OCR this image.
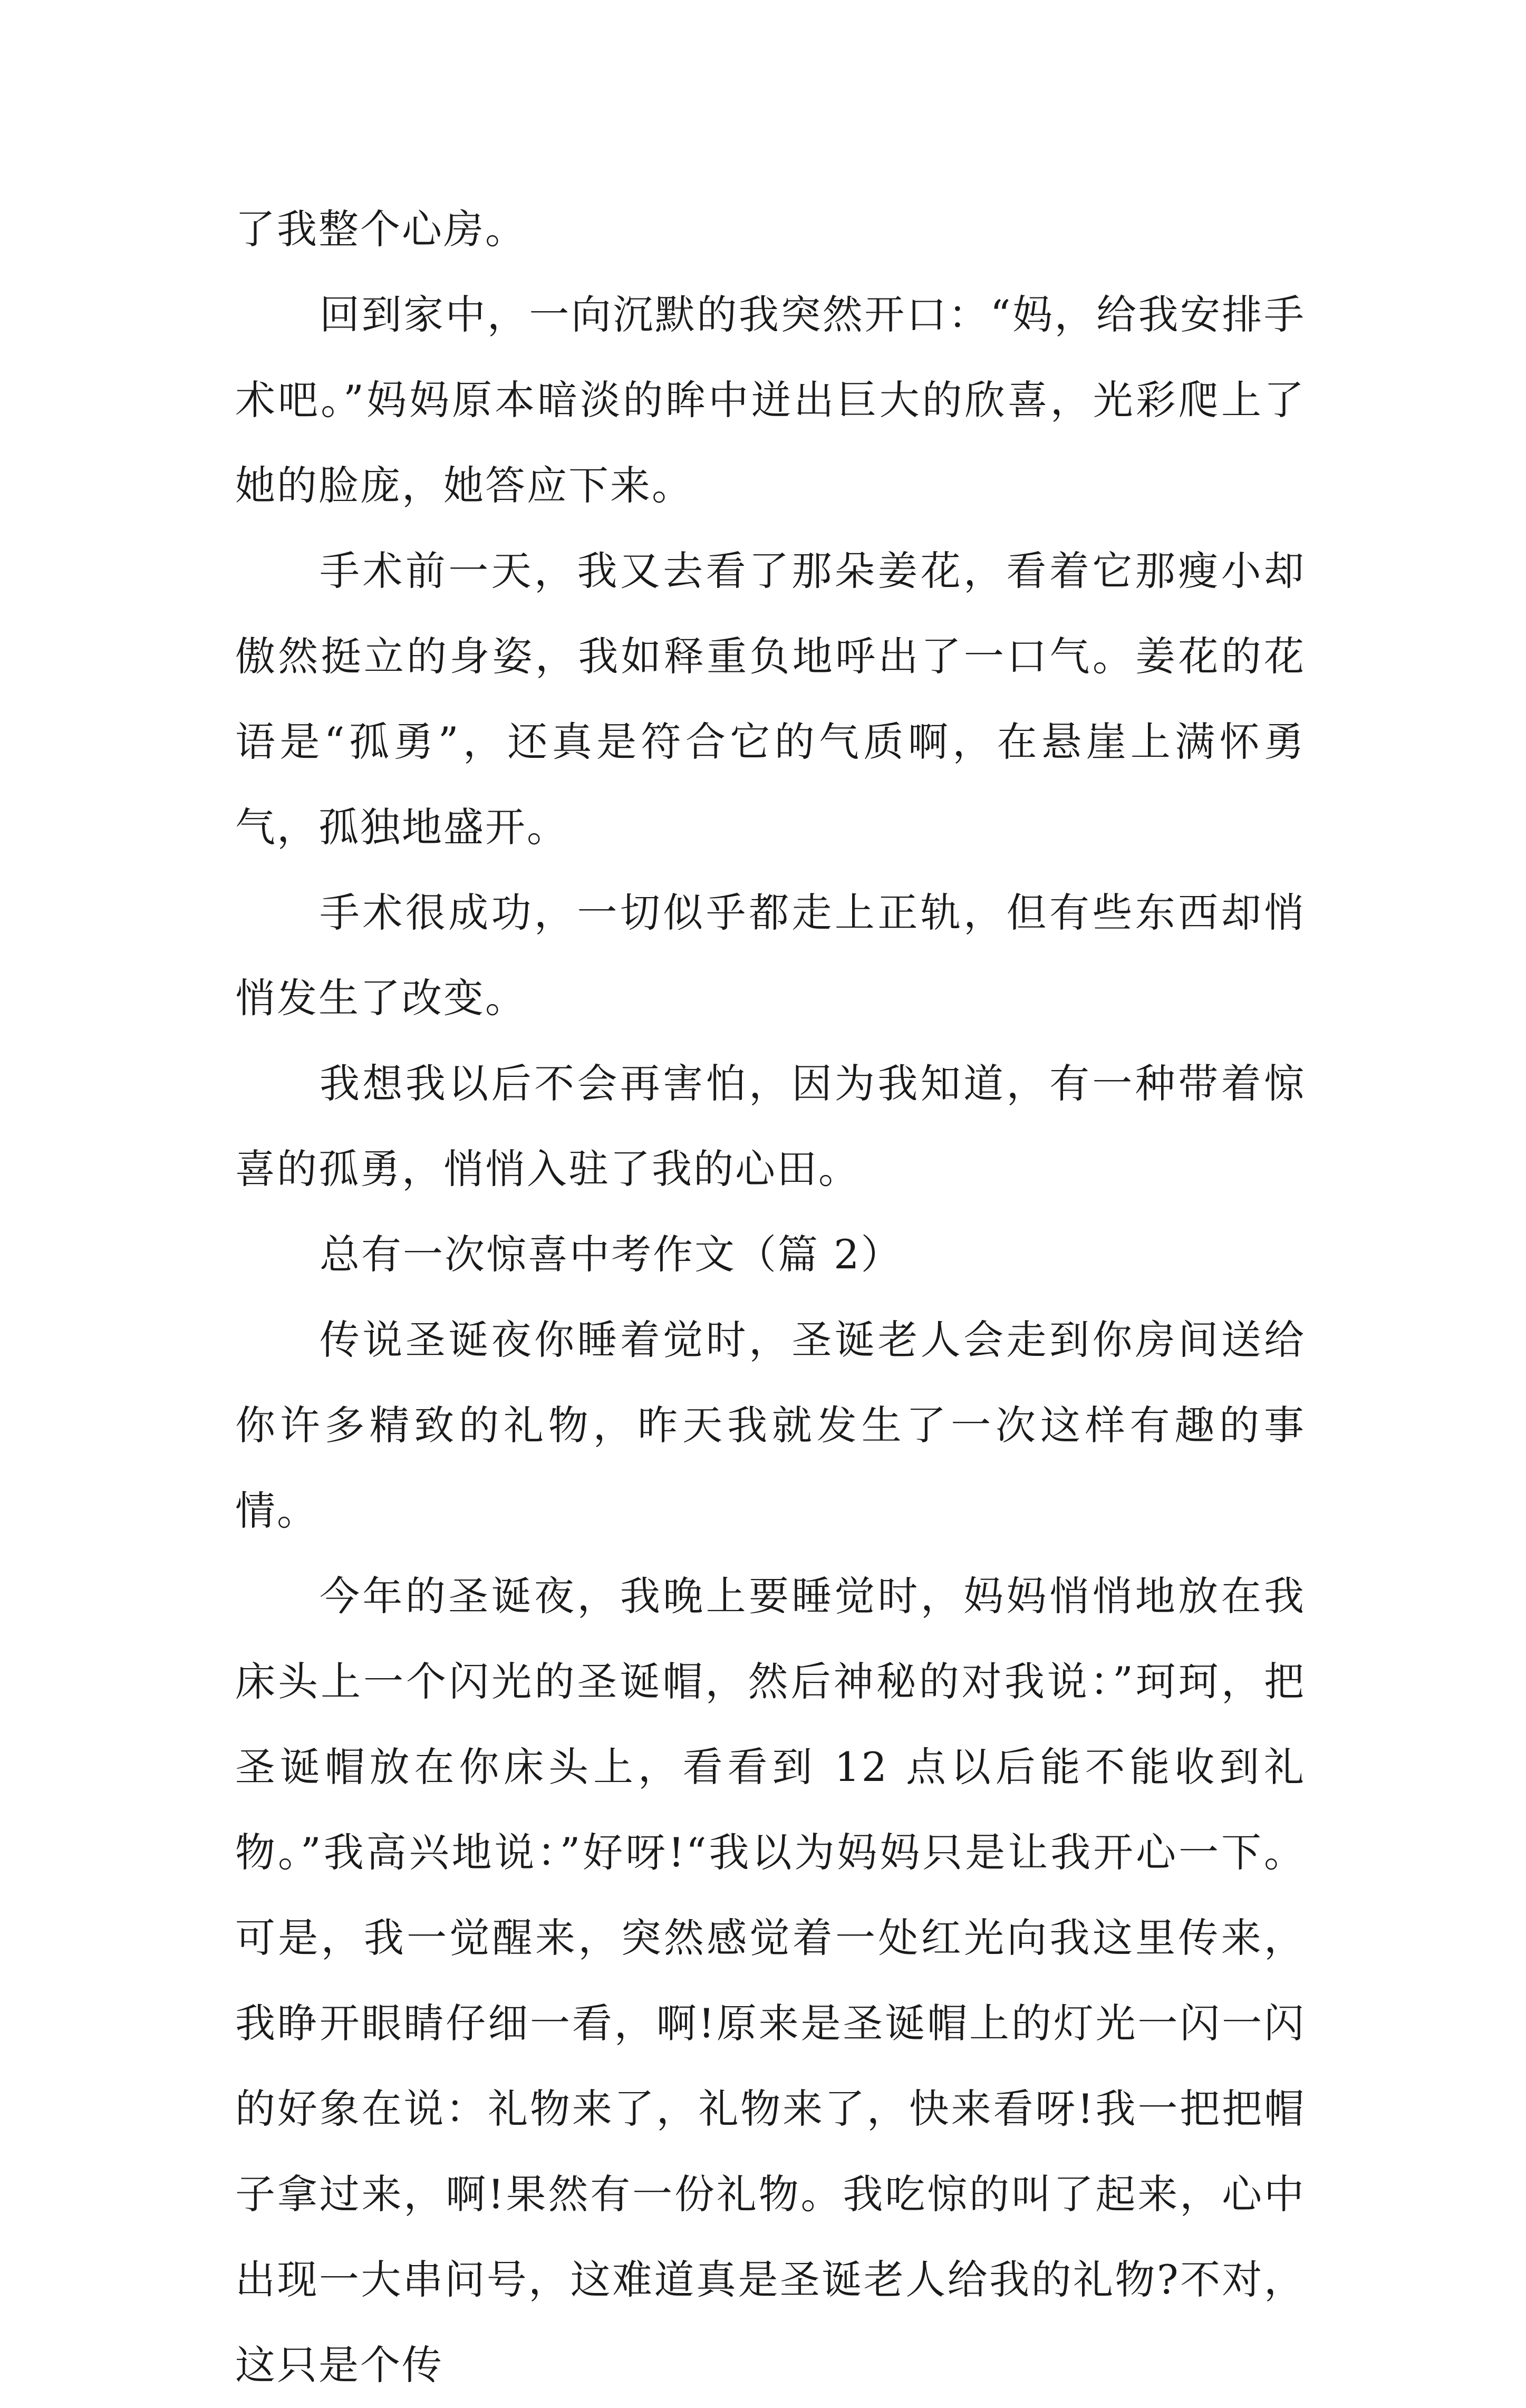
了我整个心房。

回到家中，一向沉默的我突然开口：“妈，给我安排手术吧。”妈妈原本暗淡的眸中迸出巨大的欣喜，光彩爬上了她的脸庞，她答应下来。

手术前一天，我又去看了那朵姜花，看着它那瘦小却傲然挺立的身姿，我如释重负地呼出了一口气。姜花的花语是“孤勇”，还真是符合它的气质啊，在悬崖上满怀勇气，孤独地盛开。

手术很成功，一切似乎都走上正轨，但有些东西却悄悄发生了改变。

我想我以后不会再害怕，因为我知道，有一种带着惊喜的孤勇，悄悄入驻了我的心田。

总有一次惊喜中考作文（篇 2）

传说圣诞夜你睡着觉时，圣诞老人会走到你房间送给你许多精致的礼物，昨天我就发生了一次这样有趣的事情。

今年的圣诞夜，我晚上要睡觉时，妈妈悄悄地放在我床头上一个闪光的圣诞帽，然后神秘的对我说：”珂珂，把圣诞帽放在你床头上，看看到 12 点以后能不能收到礼物。”我高兴地说：”好呀!“我以为妈妈只是让我开心一下。可是，我一觉醒来，突然感觉着一处红光向我这里传来，我睁开眼睛仔细一看，啊!原来是圣诞帽上的灯光一闪一闪的好象在说：礼物来了，礼物来了，快来看呀!我一把把帽子拿过来，啊!果然有一份礼物。我吃惊的叫了起来，心中出现一大串问号，这难道真是圣诞老人给我的礼物?不对，这只是个传
